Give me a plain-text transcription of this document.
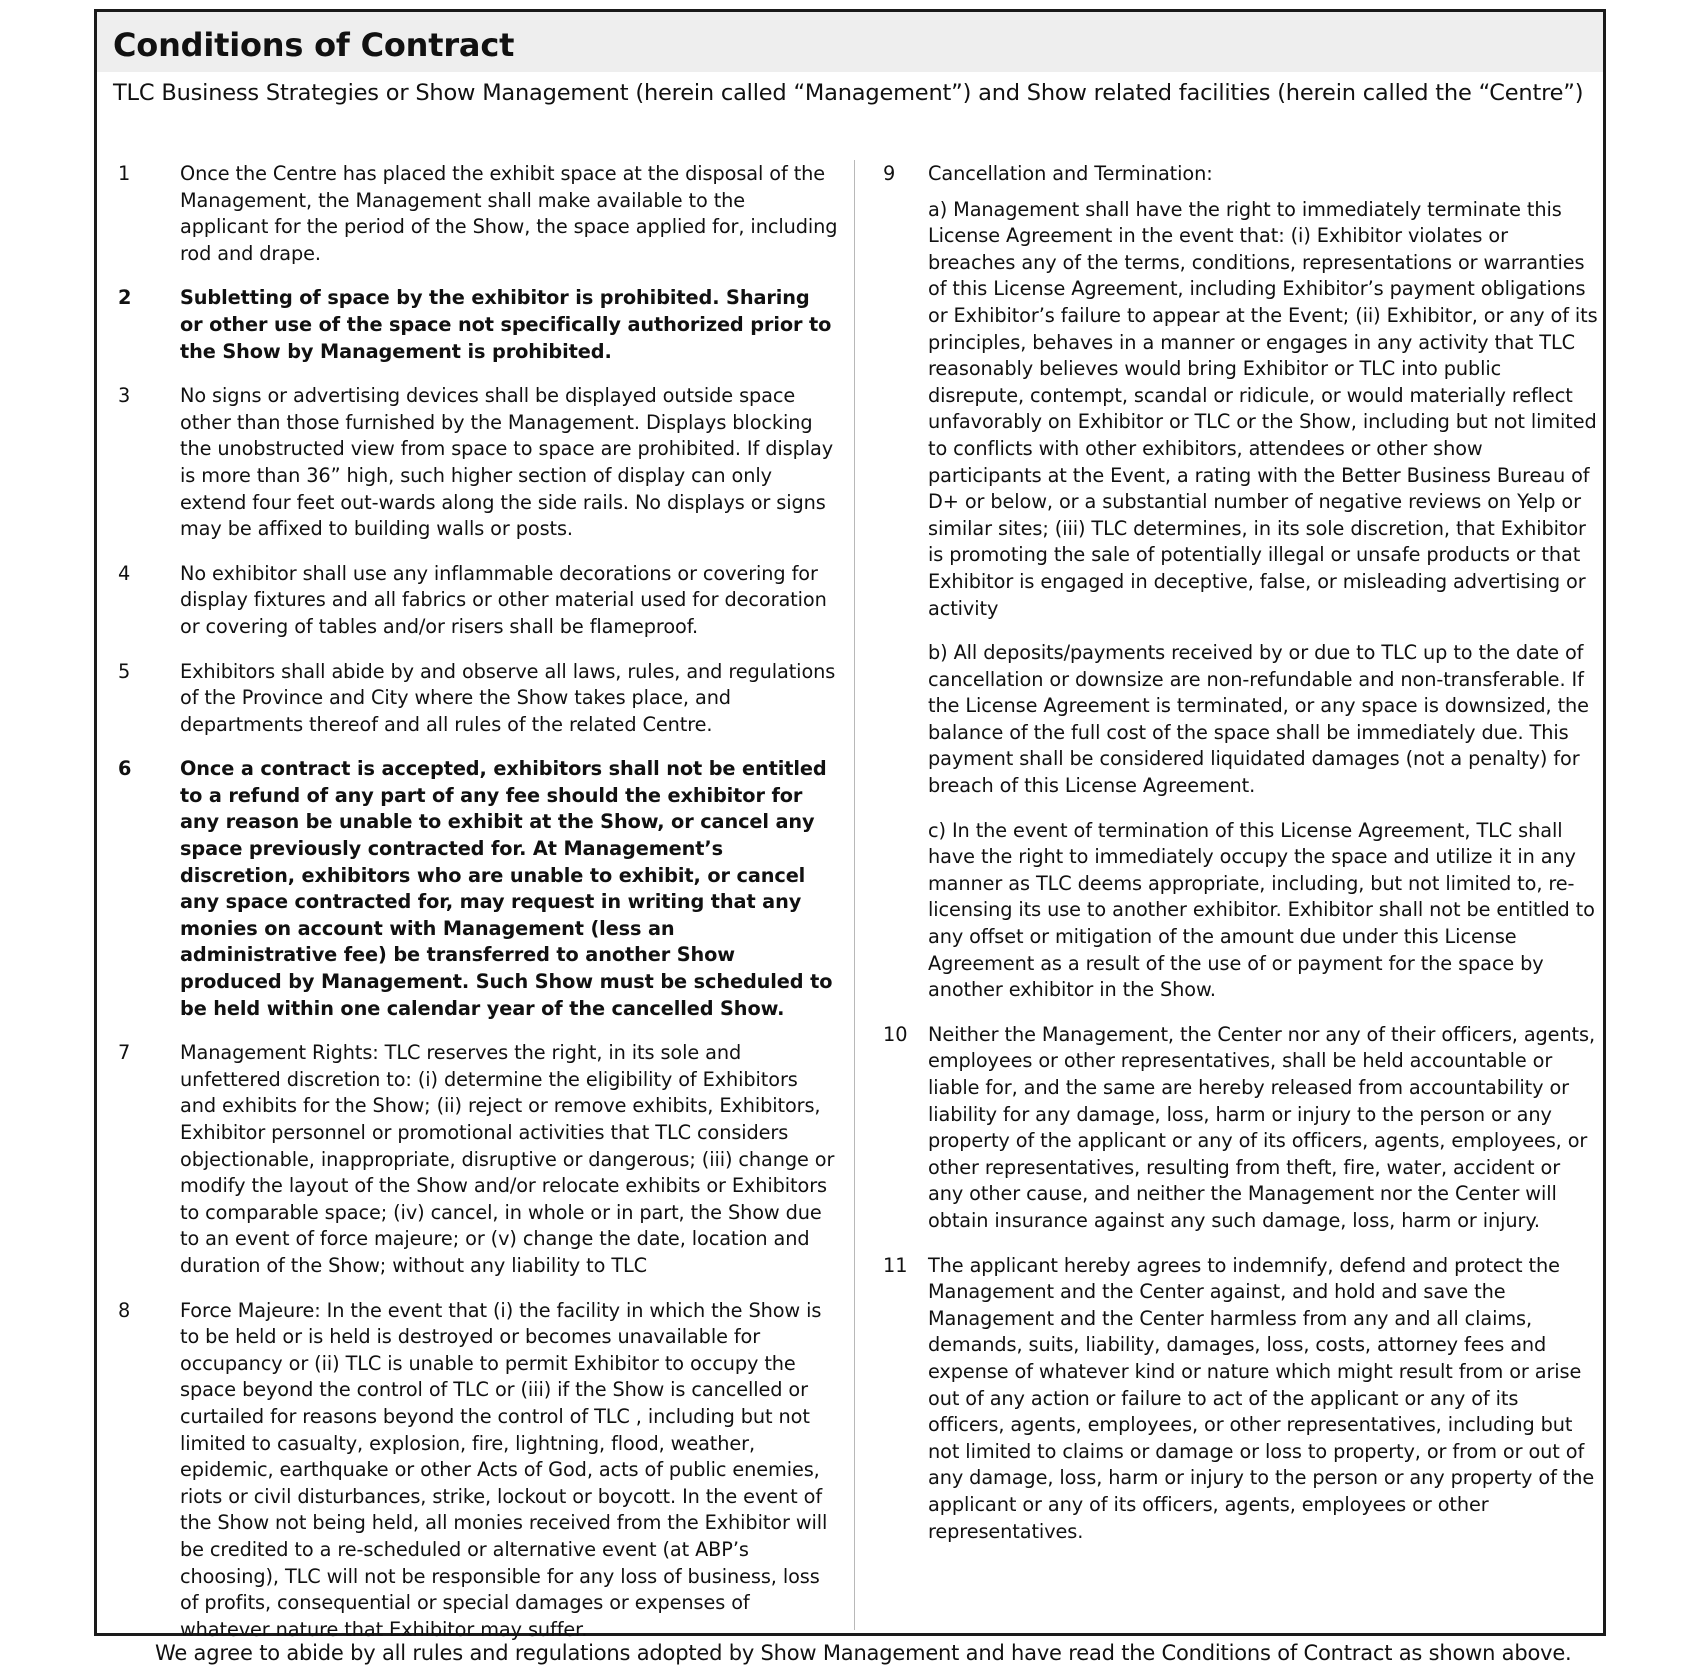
Conditions of Contract

TLC Business Strategies or Show Management (herein called “Management”) and Show related facilities (herein called the “Centre”)

1	Once the Centre has placed the exhibit space at the disposal of the Management, the Management shall make available to the applicant for the period of the Show, the space applied for, including rod and drape.
2	Subletting of space by the exhibitor is prohibited. Sharing or other use of the space not specifically authorized prior to the Show by Management is prohibited.
3	No signs or advertising devices shall be displayed outside space other than those furnished by the Management. Displays blocking the unobstructed view from space to space are prohibited. If display is more than 36” high, such higher section of display can only extend four feet out-wards along the side rails. No displays or signs may be affixed to building walls or posts.
4	No exhibitor shall use any inflammable decorations or covering for display fixtures and all fabrics or other material used for decoration or covering of tables and/or risers shall be flameproof.
5	Exhibitors shall abide by and observe all laws, rules, and regulations of the Province and City where the Show takes place, and departments thereof and all rules of the related Centre.
6	Once a contract is accepted, exhibitors shall not be entitled to a refund of any part of any fee should the exhibitor for any reason be unable to exhibit at the Show, or cancel any space previously contracted for. At Management’s discretion, exhibitors who are unable to exhibit, or cancel any space contracted for, may request in writing that any monies on account with Management (less an administrative fee) be transferred to another Show produced by Management. Such Show must be scheduled to be held within one calendar year of the cancelled Show.
7	Management Rights: TLC reserves the right, in its sole and unfettered discretion to: (i) determine the eligibility of Exhibitors and exhibits for the Show; (ii) reject or remove exhibits, Exhibitors, Exhibitor personnel or promotional activities that TLC considers objectionable, inappropriate, disruptive or dangerous; (iii) change or modify the layout of the Show and/or relocate exhibits or Exhibitors to comparable space; (iv) cancel, in whole or in part, the Show due to an event of force majeure; or (v) change the date, location and duration of the Show; without any liability to TLC
8	Force Majeure: In the event that (i) the facility in which the Show is to be held or is held is destroyed or becomes unavailable for occupancy or (ii) TLC is unable to permit Exhibitor to occupy the space beyond the control of TLC or (iii) if the Show is cancelled or curtailed for reasons beyond the control of TLC , including but not limited to casualty, explosion, fire, lightning, flood, weather, epidemic, earthquake or other Acts of God, acts of public enemies, riots or civil disturbances, strike, lockout or boycott. In the event of the Show not being held, all monies received from the Exhibitor will be credited to a re-scheduled or alternative event (at ABP’s choosing), TLC will not be responsible for any loss of business, loss of profits, consequential or special damages or expenses of whatever nature that Exhibitor may suffer.
9	Cancellation and Termination:
a) Management shall have the right to immediately terminate this License Agreement in the event that: (i) Exhibitor violates or breaches any of the terms, conditions, representations or warranties of this License Agreement, including Exhibitor’s payment obligations or Exhibitor’s failure to appear at the Event; (ii) Exhibitor, or any of its principles, behaves in a manner or engages in any activity that TLC reasonably believes would bring Exhibitor or TLC into public disrepute, contempt, scandal or ridicule, or would materially reflect unfavorably on Exhibitor or TLC or the Show, including but not limited to conflicts with other exhibitors, attendees or other show participants at the Event, a rating with the Better Business Bureau of D+ or below, or a substantial number of negative reviews on Yelp or similar sites; (iii) TLC determines, in its sole discretion, that Exhibitor is promoting the sale of potentially illegal or unsafe products or that Exhibitor is engaged in deceptive, false, or misleading advertising or activity
b) All deposits/payments received by or due to TLC up to the date of cancellation or downsize are non-refundable and non-transferable. If the License Agreement is terminated, or any space is downsized, the balance of the full cost of the space shall be immediately due. This payment shall be considered liquidated damages (not a penalty) for breach of this License Agreement.
c) In the event of termination of this License Agreement, TLC shall have the right to immediately occupy the space and utilize it in any manner as TLC deems appropriate, including, but not limited to, re-licensing its use to another exhibitor. Exhibitor shall not be entitled to any offset or mitigation of the amount due under this License Agreement as a result of the use of or payment for the space by another exhibitor in the Show.
10	Neither the Management, the Center nor any of their officers, agents, employees or other representatives, shall be held accountable or liable for, and the same are hereby released from accountability or liability for any damage, loss, harm or injury to the person or any property of the applicant or any of its officers, agents, employees, or other representatives, resulting from theft, fire, water, accident or any other cause, and neither the Management nor the Center will obtain insurance against any such damage, loss, harm or injury.
11	The applicant hereby agrees to indemnify, defend and protect the Management and the Center against, and hold and save the Management and the Center harmless from any and all claims, demands, suits, liability, damages, loss, costs, attorney fees and expense of whatever kind or nature which might result from or arise out of any action or failure to act of the applicant or any of its officers, agents, employees, or other representatives, including but not limited to claims or damage or loss to property, or from or out of any damage, loss, harm or injury to the person or any property of the applicant or any of its officers, agents, employees or other representatives.

We agree to abide by all rules and regulations adopted by Show Management and have read the Conditions of Contract as shown above.
